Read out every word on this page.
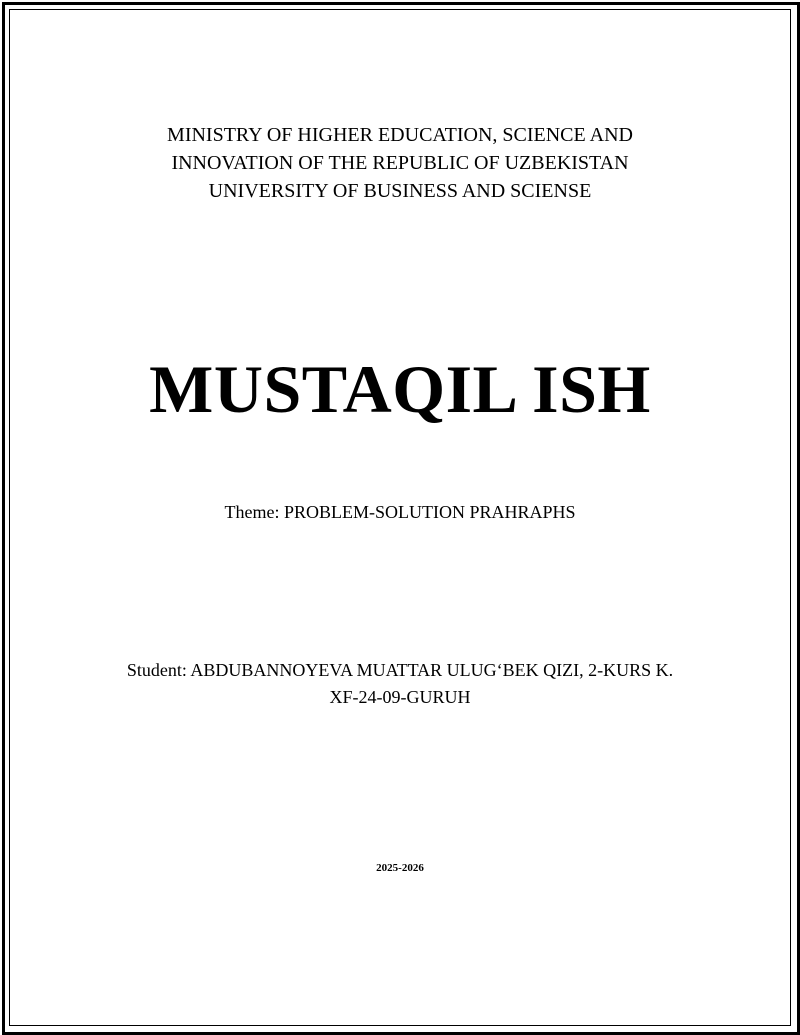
MINISTRY OF HIGHER EDUCATION, SCIENCE AND
INNOVATION OF THE REPUBLIC OF UZBEKISTAN
UNIVERSITY OF BUSINESS AND SCIENSE
MUSTAQIL ISH
Theme: PROBLEM-SOLUTION PRAHRAPHS
Student: ABDUBANNOYEVA MUATTAR ULUG‘BEK QIZI, 2-KURS K.
XF-24-09-GURUH
2025-2026
